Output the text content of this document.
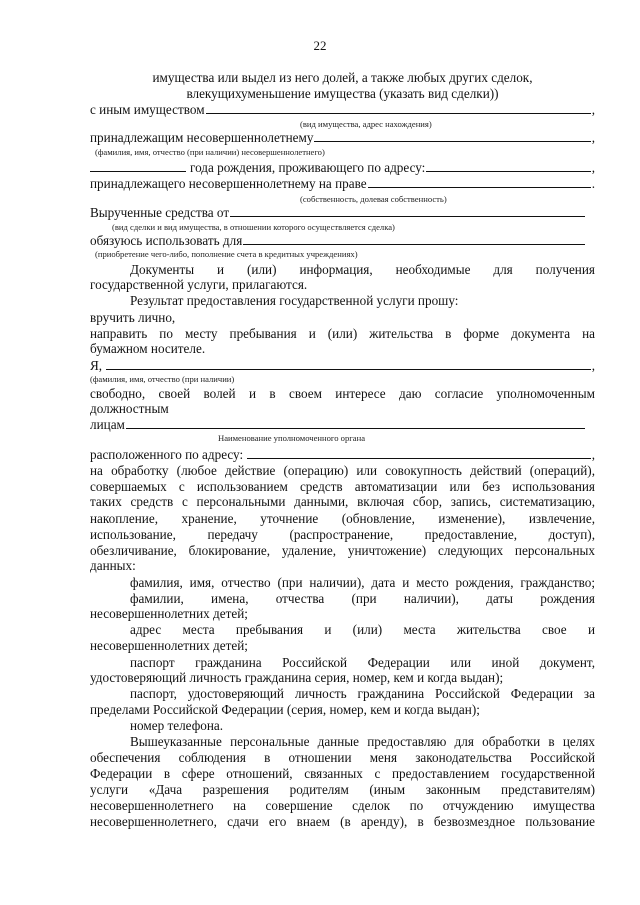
22
имущества или выдел из него долей, а также любых других сделок,
влекущихуменьшение имущества (указать вид сделки))
с иным имуществом	,
(вид имущества, адрес нахождения)
принадлежащим несовершеннолетнему	,
(фамилия, имя, отчество (при наличии) несовершеннолетнего)
года рождения, проживающего по адресу:	,
принадлежащего несовершеннолетнему на праве	.
(собственность, долевая собственность)
Вырученные средства от
(вид сделки и вид имущества, в отношении которого осуществляется сделка)
обязуюсь использовать для
(приобретение чего-либо, пополнение счета в кредитных учреждениях)
Документы и (или) информация, необходимые для получения
государственной услуги, прилагаются.
Результат предоставления государственной услуги прошу:
вручить лично,
направить по месту пребывания и (или) жительства в форме документа на
бумажном носителе.
Я,	,
(фамилия, имя, отчество (при наличии)
свободно, своей волей и в своем интересе даю согласие уполномоченным
должностным
лицам
Наименование уполномоченного органа
расположенного по адресу:	,
на обработку (любое действие (операцию) или совокупность действий (операций),
совершаемых с использованием средств автоматизации или без использования
таких средств с персональными данными, включая сбор, запись, систематизацию,
накопление, хранение, уточнение (обновление, изменение), извлечение,
использование, передачу (распространение, предоставление, доступ),
обезличивание, блокирование, удаление, уничтожение) следующих персональных
данных:
фамилия, имя, отчество (при наличии), дата и место рождения, гражданство;
фамилии, имена, отчества (при наличии), даты рождения
несовершеннолетних детей;
адрес места пребывания и (или) места жительства свое и
несовершеннолетних детей;
паспорт гражданина Российской Федерации или иной документ,
удостоверяющий личность гражданина серия, номер, кем и когда выдан);
паспорт, удостоверяющий личность гражданина Российской Федерации за
пределами Российской Федерации (серия, номер, кем и когда выдан);
номер телефона.
Вышеуказанные персональные данные предоставляю для обработки в целях
обеспечения соблюдения в отношении меня законодательства Российской
Федерации в сфере отношений, связанных с предоставлением государственной
услуги «Дача разрешения родителям (иным законным представителям)
несовершеннолетнего на совершение сделок по отчуждению имущества
несовершеннолетнего, сдачи его внаем (в аренду), в безвозмездное пользование
